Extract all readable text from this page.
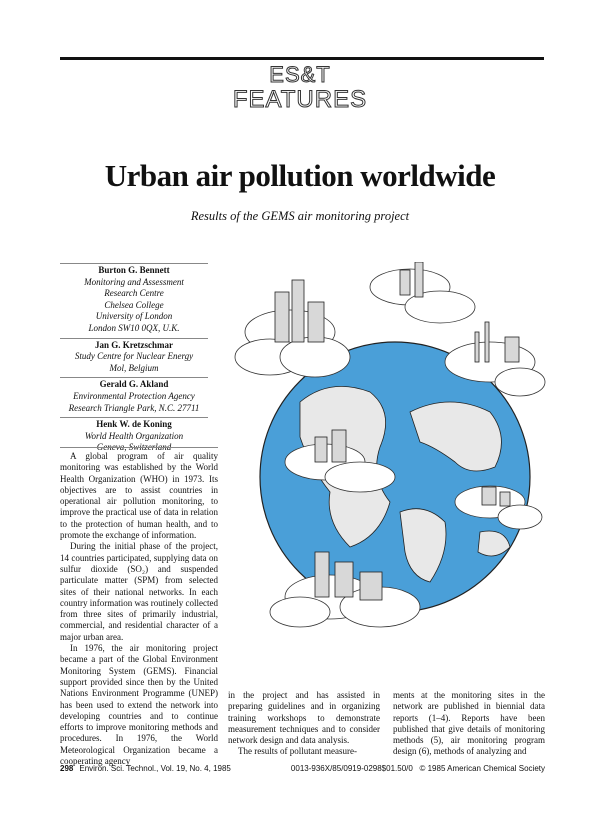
ES&T
FEATURES
Urban air pollution worldwide
Results of the GEMS air monitoring project
Burton G. Bennett
Monitoring and Assessment
Research Centre
Chelsea College
University of London
London SW10 0QX, U.K.
Jan G. Kretzschmar
Study Centre for Nuclear Energy
Mol, Belgium
Gerald G. Akland
Environmental Protection Agency
Research Triangle Park, N.C. 27711
Henk W. de Koning
World Health Organization
Geneva, Switzerland

A global program of air quality monitoring was established by the World Health Organization (WHO) in 1973. Its objectives are to assist countries in operational air pollution monitoring, to improve the practical use of data in relation to the protection of human health, and to promote the exchange of information.

During the initial phase of the project, 14 countries participated, supplying data on sulfur dioxide (SO₂) and suspended particulate matter (SPM) from selected sites of their national networks. In each country information was routinely collected from three sites of primarily industrial, commercial, and residential character of a major urban area.

In 1976, the air monitoring project became a part of the Global Environment Monitoring System (GEMS). Financial support provided since then by the United Nations Environment Programme (UNEP) has been used to extend the network into developing countries and to continue efforts to improve monitoring methods and procedures. In 1976, the World Meteorological Organization became a cooperating agency

in the project and has assisted in preparing guidelines and in organizing training workshops to demonstrate measurement techniques and to consider network design and data analysis.

The results of pollutant measure-

ments at the monitoring sites in the network are published in biennial data reports (1–4). Reports have been published that give details of monitoring methods (5), air monitoring program design (6), methods of analyzing and

298 Environ. Sci. Technol., Vol. 19, No. 4, 1985	0013-936X/85/0919-0298$01.50/0 © 1985 American Chemical Society
